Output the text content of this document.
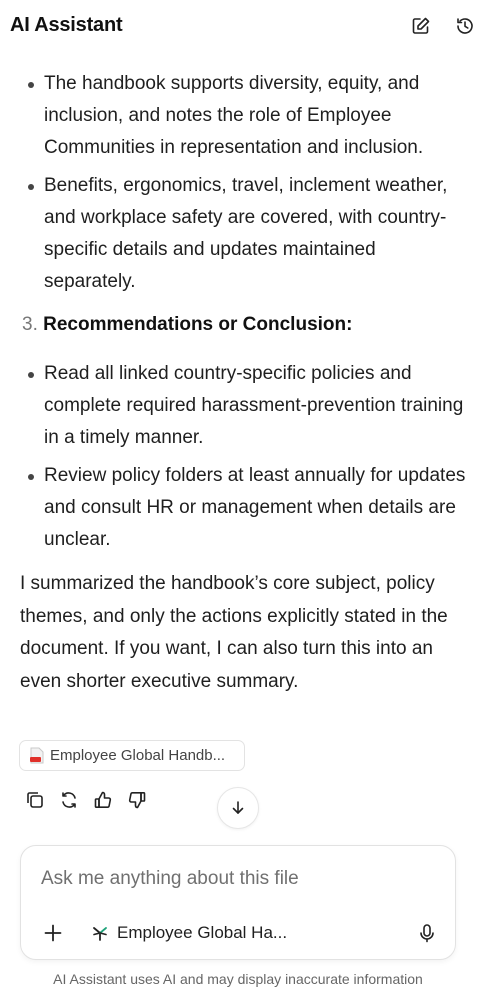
AI Assistant
The handbook supports diversity, equity, and inclusion, and notes the role of Employee Communities in representation and inclusion.
Benefits, ergonomics, travel, inclement weather, and workplace safety are covered, with country-specific details and updates maintained separately.
3. Recommendations or Conclusion:
Read all linked country-specific policies and complete required harassment-prevention training in a timely manner.
Review policy folders at least annually for updates and consult HR or management when details are unclear.

I summarized the handbook’s core subject, policy themes, and only the actions explicitly stated in the document. If you want, I can also turn this into an even shorter executive summary.

Employee Global Handb...
Ask me anything about this file
Employee Global Ha...
AI Assistant uses AI and may display inaccurate information
